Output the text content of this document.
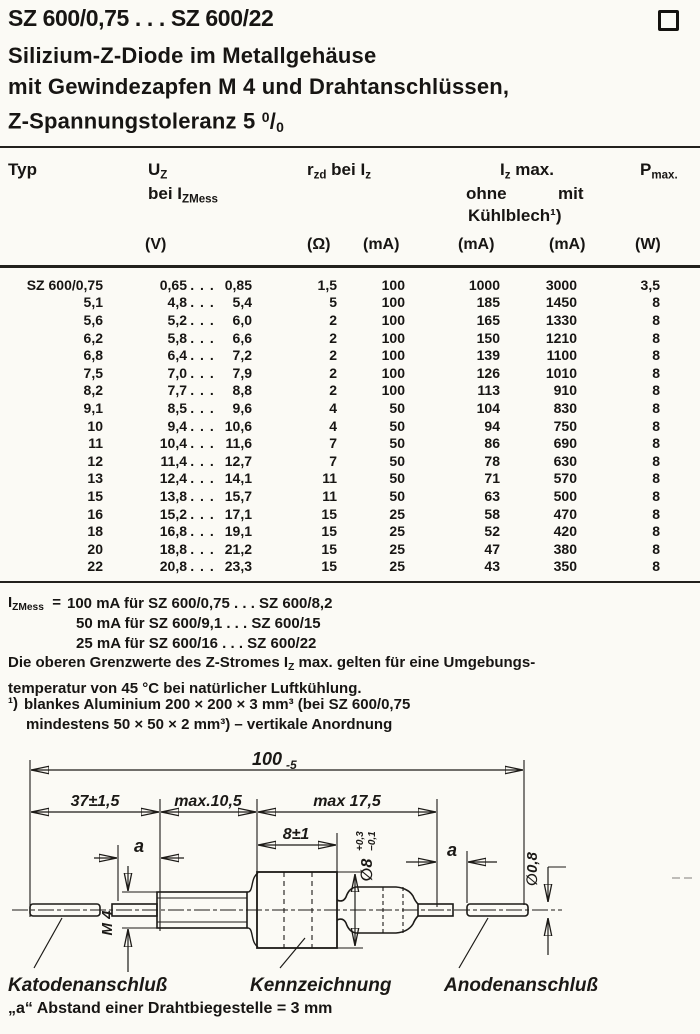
SZ 600/0,75 . . . SZ 600/22
Silizium-Z-Diode im Metallgehäuse
mit Gewindezapfen M 4 und Drahtanschlüssen,
Z-Spannungstoleranz 5 $^0$/0
Typ	$U_Z$
bei $I_{ZMess}$
$r_{zd}$ bei $I_z$	$I_z$ max.	$P_{max.}$
ohne	mit
Kühlblech¹)
(V)	(Ω) (mA)	(mA)	(mA)	(W)
SZ 600/0,75	0,65 . . . 0,85	1,5	100	1000	3000	3,5
5,1	4,8 . . .	5,4	5	100	185	1450	8
5,6	5,2 . . .	6,0	2	100	165	1330	8
6,2	5,8 . . .	6,6	2	100	150	1210	8
6,8	6,4 . . .	7,2	2	100	139	1100	8
7,5	7,0 . . .	7,9	2	100	126	1010	8
8,2	7,7 . . .	8,8	2	100	113	910	8
9,1	8,5 . . .	9,6	4	50	104	830	8
10	9,4 . . . 10,6	4	50	94	750	8
11	10,4 . . . 11,6	7	50	86	690	8
12	11,4 . . . 12,7	7	50	78	630	8
13	12,4 . . . 14,1	11	50	71	570	8
15	13,8 . . . 15,7	11	50	63	500	8
16	15,2 . . . 17,1	15	25	58	470	8
18	16,8 . . . 19,1	15	25	52	420	8
20	18,8 . . . 21,2	15	25	47	380	8
22	20,8 . . . 23,3	15	25	43	350	8
$I_{ZMess} = 100$ mA für SZ 600/0,75 . . . SZ 600/8,2
50 mA für SZ 600/9,1 . . . SZ 600/15
25 mA für SZ 600/16 . . . SZ 600/22
Die oberen Grenzwerte des Z-Stromes $I_Z$ max. gelten für eine Umgebungs-
temperatur von 45 °C bei natürlicher Luftkühlung.
¹) blankes Aluminium 200 × 200 × 3 mm³ (bei SZ 600/0,75
mindestens 50 × 50 × 2 mm³) – vertikale Anordnung
100 -5
37±1,5	max.10,5	max 17,5
8±1
a	a
M 4
∅8
+0,3 −0,1
∅0,8
Katodenanschluß	Kennzeichnung	Anodenanschluß
„a“ Abstand einer Drahtbiegestelle = 3 mm
